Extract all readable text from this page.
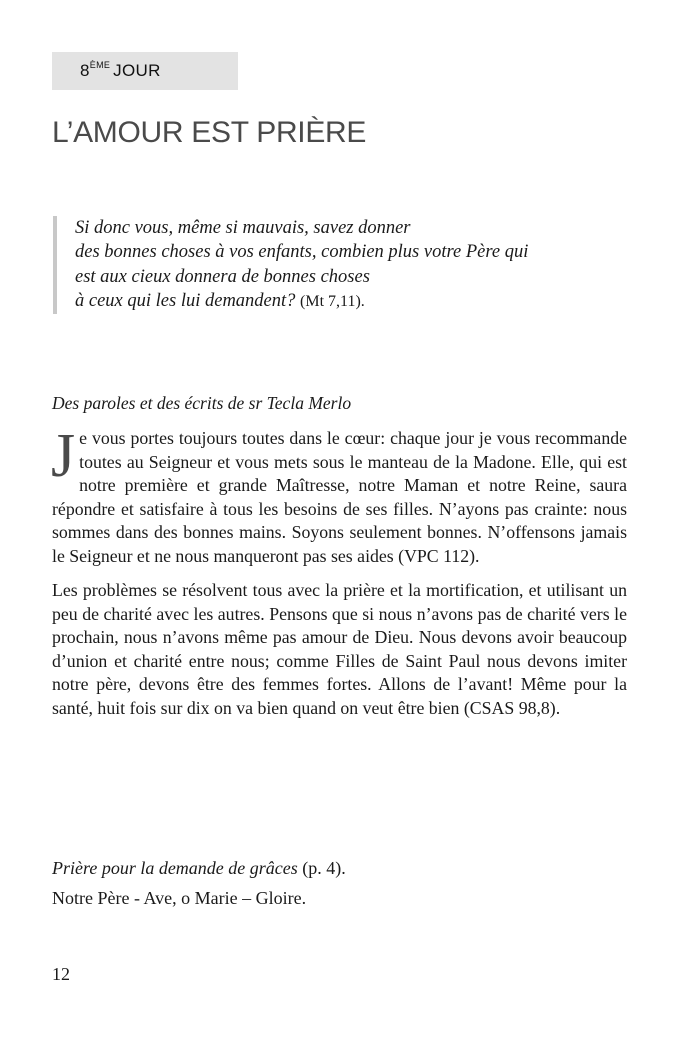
8ÈME JOUR
L’AMOUR EST PRIÈRE
Si donc vous, même si mauvais, savez donner
des bonnes choses à vos enfants, combien plus votre Père qui
est aux cieux donnera de bonnes choses
à ceux qui les lui demandent? (Mt 7,11).
Des paroles et des écrits de sr Tecla Merlo

Je vous portes toujours toutes dans le cœur: chaque jour je vous recommande toutes au Seigneur et vous mets sous le manteau de la Madone. Elle, qui est notre première et grande Maîtresse, notre Maman et notre Reine, saura répondre et satisfaire à tous les besoins de ses filles. N’ayons pas crainte: nous sommes dans des bonnes mains. Soyons seulement bonnes. N’offensons jamais le Seigneur et ne nous manqueront pas ses aides (VPC 112).

Les problèmes se résolvent tous avec la prière et la mortification, et utilisant un peu de charité avec les autres. Pensons que si nous n’avons pas de charité vers le prochain, nous n’avons même pas amour de Dieu. Nous devons avoir beaucoup d’union et charité entre nous; comme Filles de Saint Paul nous devons imiter notre père, devons être des femmes fortes. Allons de l’avant! Même pour la santé, huit fois sur dix on va bien quand on veut être bien (CSAS 98,8).

Prière pour la demande de grâces (p. 4).
Notre Père - Ave, o Marie – Gloire.
12
